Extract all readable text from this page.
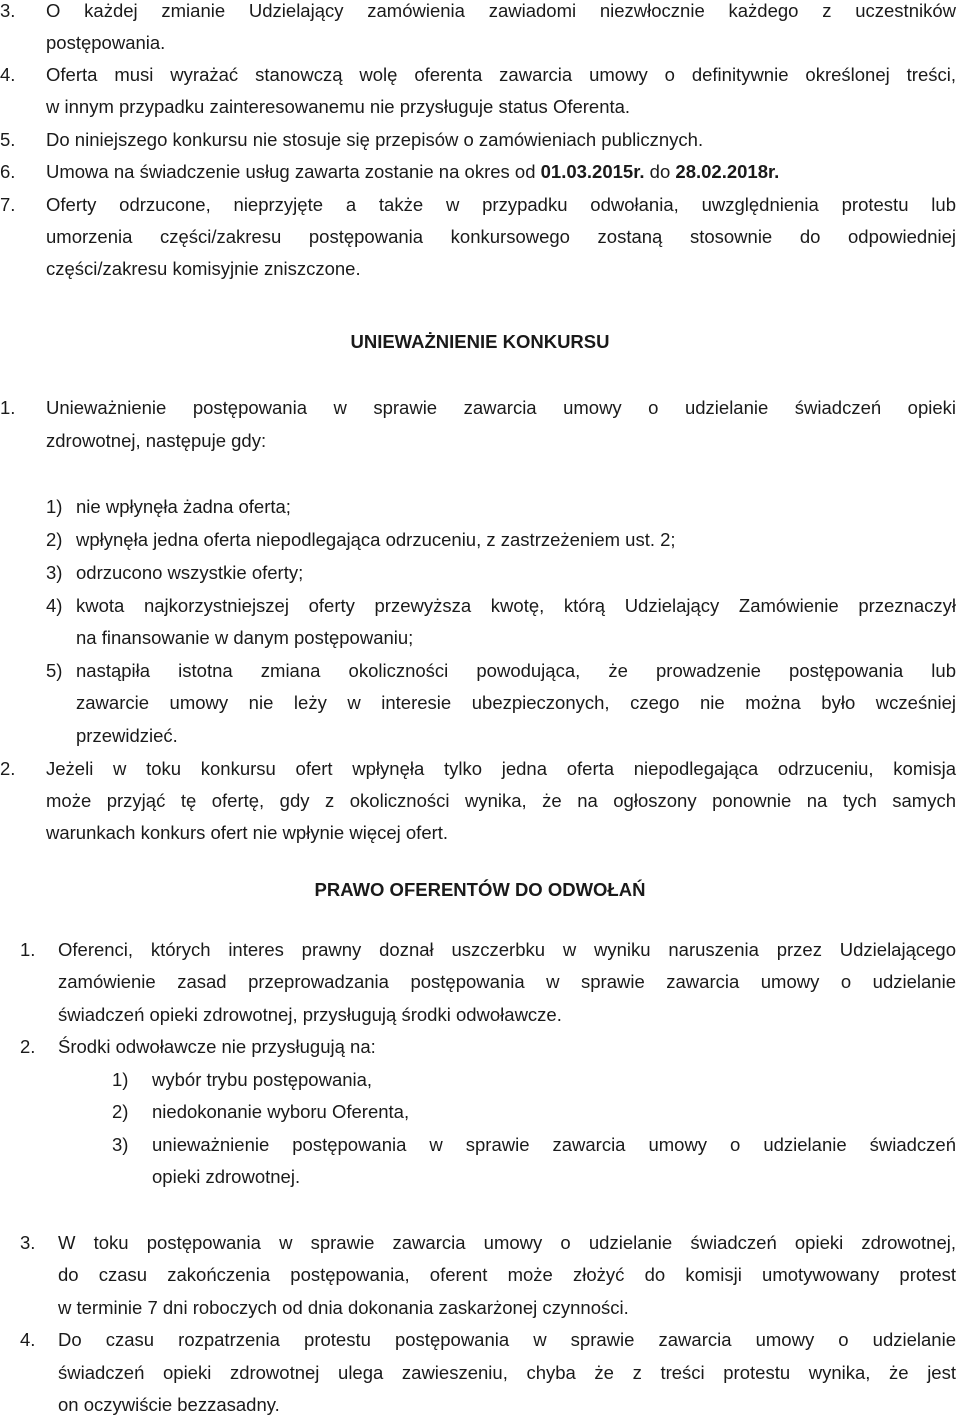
3. O każdej zmianie Udzielający zamówienia zawiadomi niezwłocznie każdego z uczestników
postępowania.
4. Oferta musi wyrażać stanowczą wolę oferenta zawarcia umowy o definitywnie określonej treści,
w innym przypadku zainteresowanemu nie przysługuje status Oferenta.
5. Do niniejszego konkursu nie stosuje się przepisów o zamówieniach publicznych.
6. Umowa na świadczenie usług zawarta zostanie na okres od 01.03.2015r. do 28.02.2018r.
7. Oferty odrzucone, nieprzyjęte a także w przypadku odwołania, uwzględnienia protestu lub
umorzenia części/zakresu postępowania konkursowego zostaną stosownie do odpowiedniej
części/zakresu komisyjnie zniszczone.
UNIEWAŻNIENIE KONKURSU
1. Unieważnienie postępowania w sprawie zawarcia umowy o udzielanie świadczeń opieki
zdrowotnej, następuje gdy:
1) nie wpłynęła żadna oferta;
2) wpłynęła jedna oferta niepodlegająca odrzuceniu, z zastrzeżeniem ust. 2;
3) odrzucono wszystkie oferty;
4) kwota najkorzystniejszej oferty przewyższa kwotę, którą Udzielający Zamówienie przeznaczył
na finansowanie w danym postępowaniu;
5) nastąpiła istotna zmiana okoliczności powodująca, że prowadzenie postępowania lub
zawarcie umowy nie leży w interesie ubezpieczonych, czego nie można było wcześniej
przewidzieć.
2. Jeżeli w toku konkursu ofert wpłynęła tylko jedna oferta niepodlegająca odrzuceniu, komisja
może przyjąć tę ofertę, gdy z okoliczności wynika, że na ogłoszony ponownie na tych samych
warunkach konkurs ofert nie wpłynie więcej ofert.
PRAWO OFERENTÓW DO ODWOŁAŃ
1. Oferenci, których interes prawny doznał uszczerbku w wyniku naruszenia przez Udzielającego
zamówienie zasad przeprowadzania postępowania w sprawie zawarcia umowy o udzielanie
świadczeń opieki zdrowotnej, przysługują środki odwoławcze.
2. Środki odwoławcze nie przysługują na:
1) wybór trybu postępowania,
2) niedokonanie wyboru Oferenta,
3) unieważnienie postępowania w sprawie zawarcia umowy o udzielanie świadczeń
opieki zdrowotnej.
3. W toku postępowania w sprawie zawarcia umowy o udzielanie świadczeń opieki zdrowotnej,
do czasu zakończenia postępowania, oferent może złożyć do komisji umotywowany protest
w terminie 7 dni roboczych od dnia dokonania zaskarżonej czynności.
4. Do czasu rozpatrzenia protestu postępowania w sprawie zawarcia umowy o udzielanie
świadczeń opieki zdrowotnej ulega zawieszeniu, chyba że z treści protestu wynika, że jest
on oczywiście bezzasadny.
